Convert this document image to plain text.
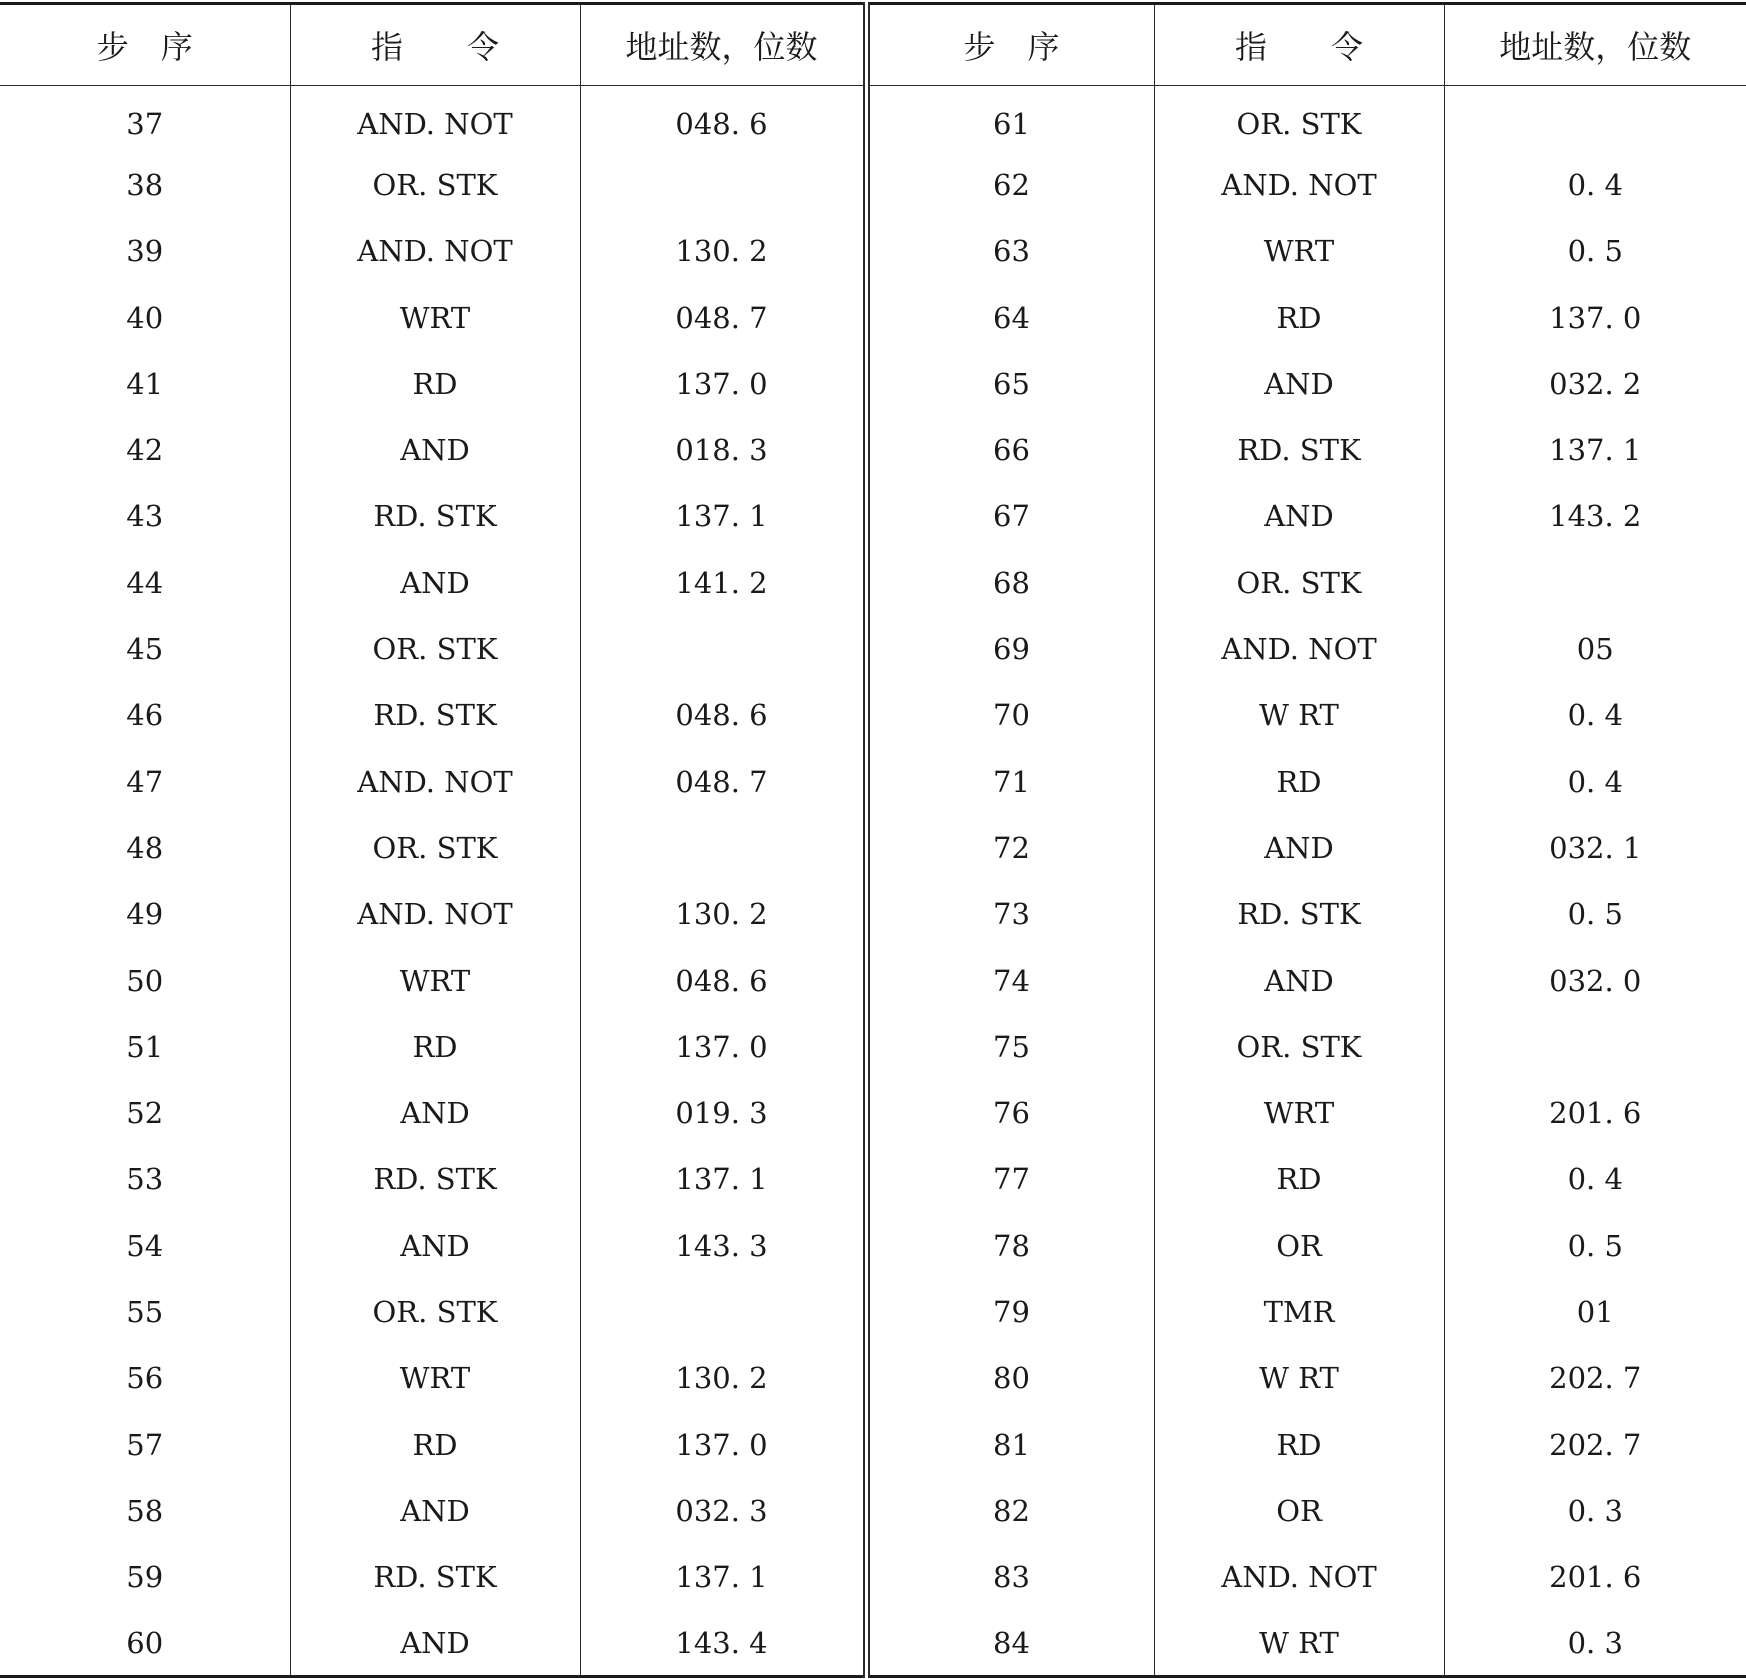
步　序	指　　令	地址数，位数	步　序	指　　令	地址数，位数
37	AND. NOT	048. 6	61	OR. STK	
38	OR. STK		62	AND. NOT	0. 4
39	AND. NOT	130. 2	63	WRT	0. 5
40	WRT	048. 7	64	RD	137. 0
41	RD	137. 0	65	AND	032. 2
42	AND	018. 3	66	RD. STK	137. 1
43	RD. STK	137. 1	67	AND	143. 2
44	AND	141. 2	68	OR. STK	
45	OR. STK		69	AND. NOT	05
46	RD. STK	048. 6	70	W RT	0. 4
47	AND. NOT	048. 7	71	RD	0. 4
48	OR. STK		72	AND	032. 1
49	AND. NOT	130. 2	73	RD. STK	0. 5
50	WRT	048. 6	74	AND	032. 0
51	RD	137. 0	75	OR. STK	
52	AND	019. 3	76	WRT	201. 6
53	RD. STK	137. 1	77	RD	0. 4
54	AND	143. 3	78	OR	0. 5
55	OR. STK		79	TMR	01
56	WRT	130. 2	80	W RT	202. 7
57	RD	137. 0	81	RD	202. 7
58	AND	032. 3	82	OR	0. 3
59	RD. STK	137. 1	83	AND. NOT	201. 6
60	AND	143. 4	84	W RT	0. 3
